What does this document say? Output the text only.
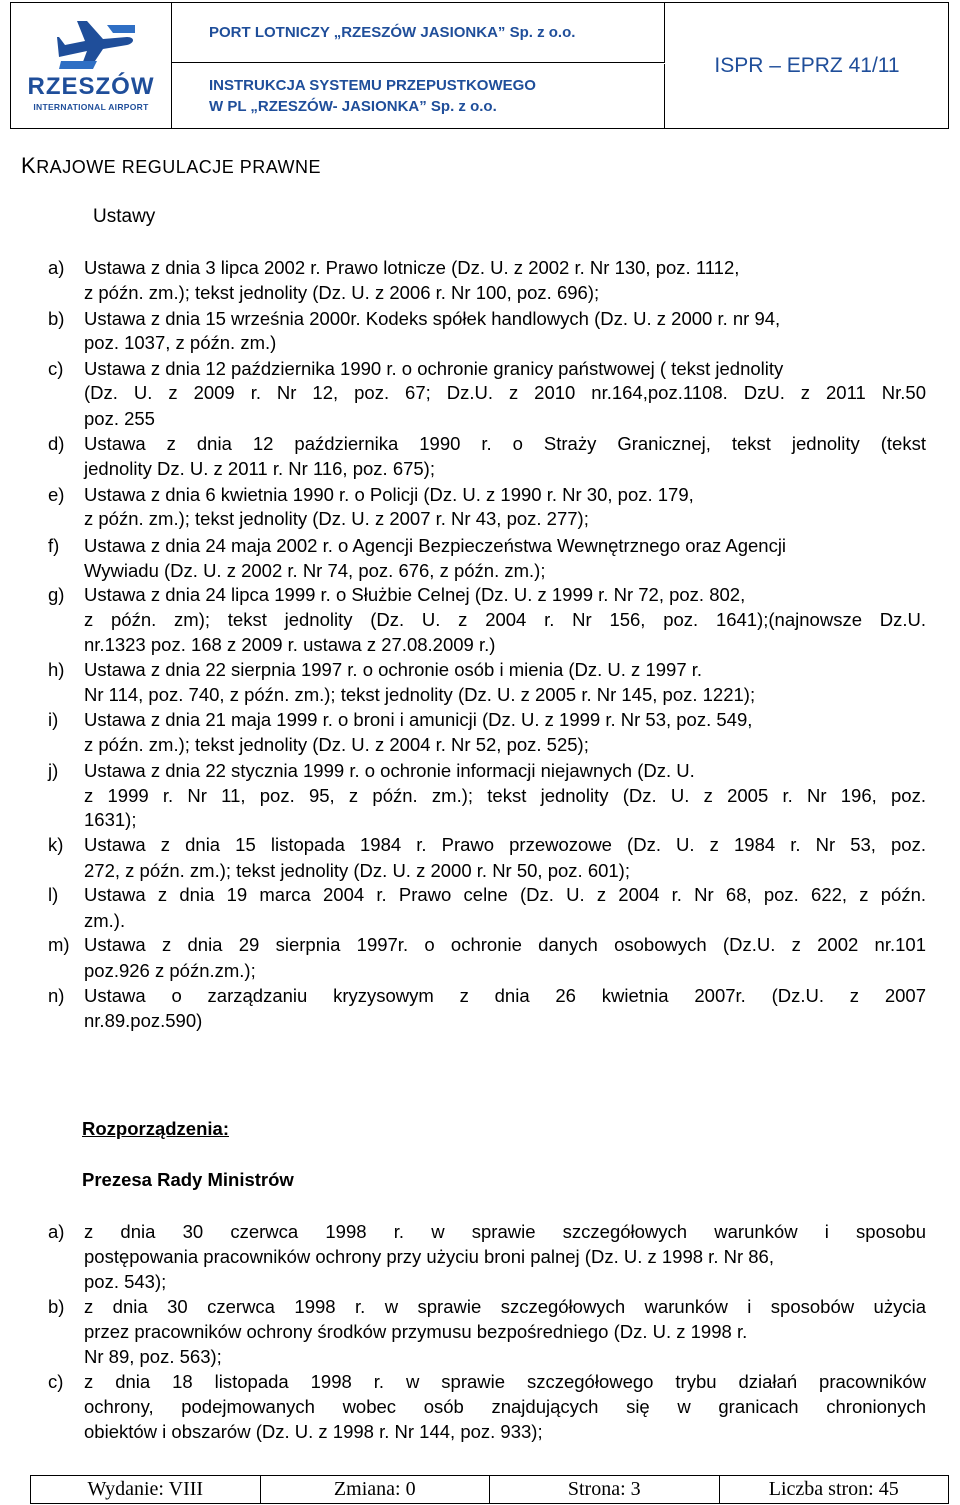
RZESZÓW
INTERNATIONAL AIRPORT
PORT LOTNICZY „RZESZÓW JASIONKA” Sp. z o.o.
INSTRUKCJA SYSTEMU PRZEPUSTKOWEGO
W PL „RZESZÓW- JASIONKA” Sp. z o.o.
ISPR – EPRZ 41/11
KRAJOWE REGULACJE PRAWNE
Ustawy
a) Ustawa z dnia 3 lipca 2002 r. Prawo lotnicze (Dz. U. z 2002 r. Nr 130, poz. 1112,
z późn. zm.); tekst jednolity (Dz. U. z 2006 r. Nr 100, poz. 696);
b) Ustawa z dnia 15 września 2000r. Kodeks spółek handlowych (Dz. U. z 2000 r. nr 94,
poz. 1037, z późn. zm.)
c) Ustawa z dnia 12 października 1990 r. o ochronie granicy państwowej ( tekst jednolity
(Dz. U. z 2009 r. Nr 12, poz. 67; Dz.U. z 2010 nr.164,poz.1108. DzU. z 2011 Nr.50
poz. 255
d) Ustawa z dnia 12 października 1990 r. o Straży Granicznej, tekst jednolity (tekst
jednolity Dz. U. z 2011 r. Nr 116, poz. 675);
e) Ustawa z dnia 6 kwietnia 1990 r. o Policji (Dz. U. z 1990 r. Nr 30, poz. 179,
z późn. zm.); tekst jednolity (Dz. U. z 2007 r. Nr 43, poz. 277);
f) Ustawa z dnia 24 maja 2002 r. o Agencji Bezpieczeństwa Wewnętrznego oraz Agencji
Wywiadu (Dz. U. z 2002 r. Nr 74, poz. 676, z późn. zm.);
g) Ustawa z dnia 24 lipca 1999 r. o Służbie Celnej (Dz. U. z 1999 r. Nr 72, poz. 802,
z późn. zm); tekst jednolity (Dz. U. z 2004 r. Nr 156, poz. 1641);(najnowsze Dz.U.
nr.1323 poz. 168 z 2009 r. ustawa z 27.08.2009 r.)
h) Ustawa z dnia 22 sierpnia 1997 r. o ochronie osób i mienia (Dz. U. z 1997 r.
Nr 114, poz. 740, z późn. zm.); tekst jednolity (Dz. U. z 2005 r. Nr 145, poz. 1221);
i) Ustawa z dnia 21 maja 1999 r. o broni i amunicji (Dz. U. z 1999 r. Nr 53, poz. 549,
z późn. zm.); tekst jednolity (Dz. U. z 2004 r. Nr 52, poz. 525);
j) Ustawa z dnia 22 stycznia 1999 r. o ochronie informacji niejawnych (Dz. U.
z 1999 r. Nr 11, poz. 95, z późn. zm.); tekst jednolity (Dz. U. z 2005 r. Nr 196, poz.
1631);
k) Ustawa z dnia 15 listopada 1984 r. Prawo przewozowe (Dz. U. z 1984 r. Nr 53, poz.
272, z późn. zm.); tekst jednolity (Dz. U. z 2000 r. Nr 50, poz. 601);
l) Ustawa z dnia 19 marca 2004 r. Prawo celne (Dz. U. z 2004 r. Nr 68, poz. 622, z późn.
zm.).
m) Ustawa z dnia 29 sierpnia 1997r. o ochronie danych osobowych (Dz.U. z 2002 nr.101
poz.926 z późn.zm.);
n) Ustawa o zarządzaniu kryzysowym z dnia 26 kwietnia 2007r. (Dz.U. z 2007
nr.89.poz.590)
Rozporządzenia:
Prezesa Rady Ministrów
a) z dnia 30 czerwca 1998 r. w sprawie szczegółowych warunków i sposobu
postępowania pracowników ochrony przy użyciu broni palnej (Dz. U. z 1998 r. Nr 86,
poz. 543);
b) z dnia 30 czerwca 1998 r. w sprawie szczegółowych warunków i sposobów użycia
przez pracowników ochrony środków przymusu bezpośredniego (Dz. U. z 1998 r.
Nr 89, poz. 563);
c) z dnia 18 listopada 1998 r. w sprawie szczegółowego trybu działań pracowników
ochrony, podejmowanych wobec osób znajdujących się w granicach chronionych
obiektów i obszarów (Dz. U. z 1998 r. Nr 144, poz. 933);
Wydanie: VIII	Zmiana: 0	Strona: 3	Liczba stron: 45
